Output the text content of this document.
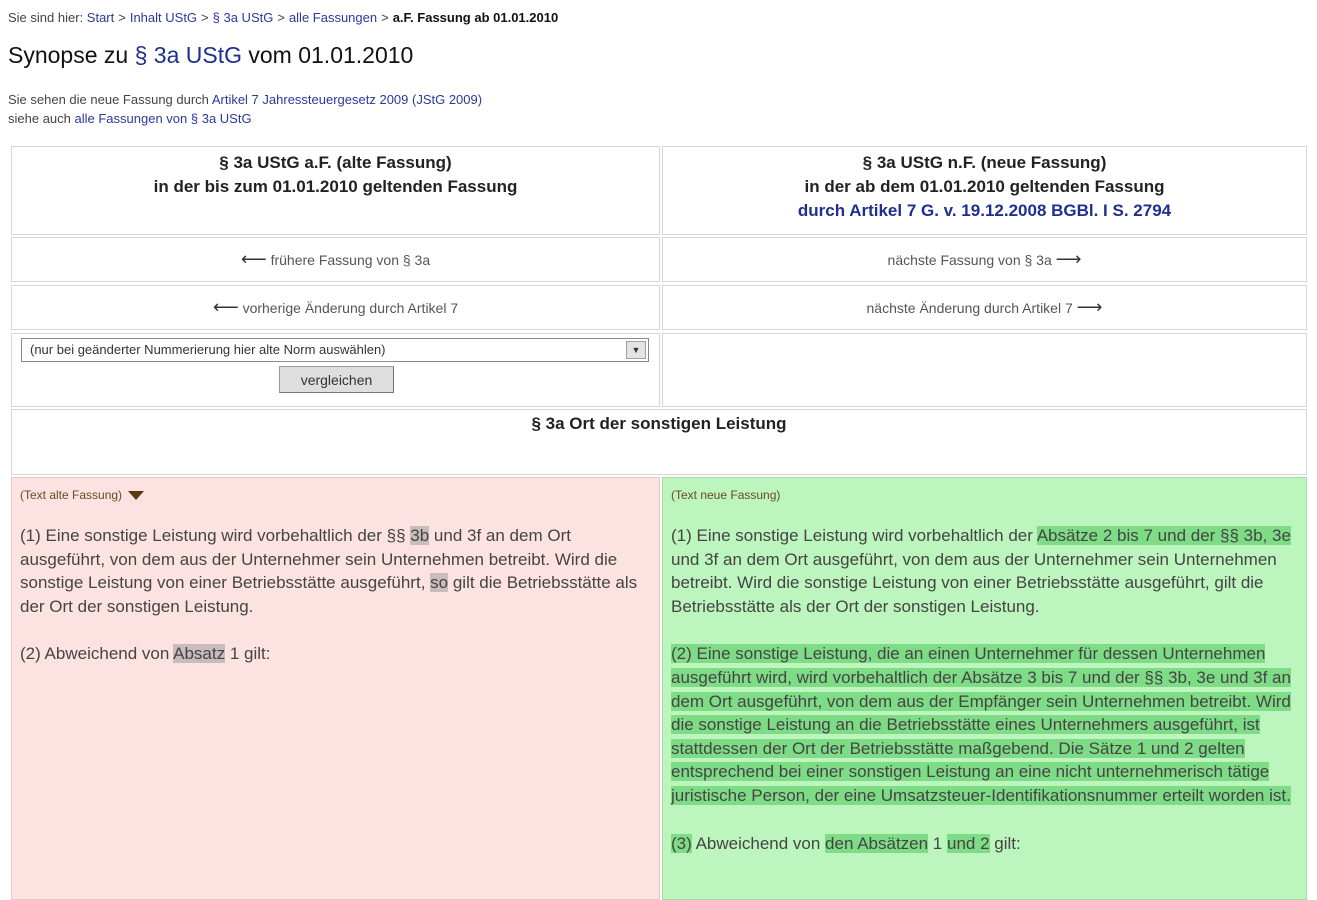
Sie sind hier: Start > Inhalt UStG > § 3a UStG > alle Fassungen > a.F. Fassung ab 01.01.2010
Synopse zu § 3a UStG vom 01.01.2010
Sie sehen die neue Fassung durch Artikel 7 Jahressteuergesetz 2009 (JStG 2009)
siehe auch alle Fassungen von § 3a UStG
§ 3a UStG a.F. (alte Fassung)
in der bis zum 01.01.2010 geltenden Fassung
§ 3a UStG n.F. (neue Fassung)
in der ab dem 01.01.2010 geltenden Fassung
durch Artikel 7 G. v. 19.12.2008 BGBl. I S. 2794
⟵
frühere Fassung von § 3a	nächste Fassung von § 3a
⟶
⟵
vorherige Änderung durch Artikel 7	nächste Änderung durch Artikel 7
⟶
(nur bei geänderter Nummerierung hier alte Norm auswählen)	▼
vergleichen
§ 3a Ort der sonstigen Leistung
(Text alte Fassung)

(1) Eine sonstige Leistung wird vorbehaltlich der §§ 3b und 3f an dem Ort ausgeführt, von dem aus der Unternehmer sein Unternehmen betreibt. Wird die sonstige Leistung von einer Betriebsstätte ausgeführt, so gilt die Betriebsstätte als der Ort der sonstigen Leistung.

(2) Abweichend von Absatz 1 gilt:

(Text neue Fassung)

(1) Eine sonstige Leistung wird vorbehaltlich der Absätze 2 bis 7 und der §§ 3b, 3e und 3f an dem Ort ausgeführt, von dem aus der Unternehmer sein Unternehmen betreibt. Wird die sonstige Leistung von einer Betriebsstätte ausgeführt, gilt die Betriebsstätte als der Ort der sonstigen Leistung.

(2) Eine sonstige Leistung, die an einen Unternehmer für dessen Unternehmen ausgeführt wird, wird vorbehaltlich der Absätze 3 bis 7 und der §§ 3b, 3e und 3f an dem Ort ausgeführt, von dem aus der Empfänger sein Unternehmen betreibt. Wird die sonstige Leistung an die Betriebsstätte eines Unternehmers ausgeführt, ist stattdessen der Ort der Betriebsstätte maßgebend. Die Sätze 1 und 2 gelten entsprechend bei einer sonstigen Leistung an eine nicht unternehmerisch tätige juristische Person, der eine Umsatzsteuer-Identifikationsnummer erteilt worden ist.

(3) Abweichend von den Absätzen 1 und 2 gilt:
